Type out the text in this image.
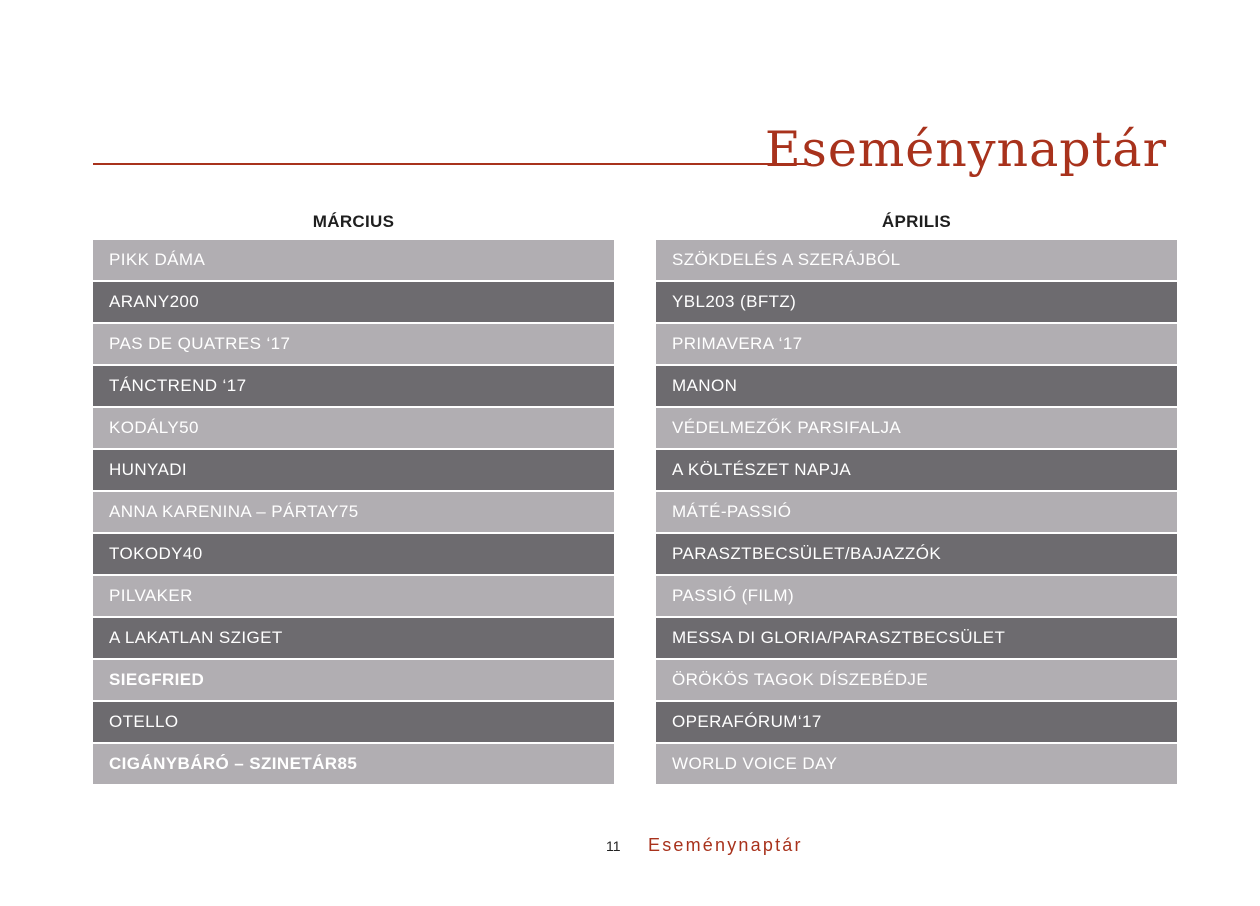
Eseménynaptár
MÁRCIUS
PIKK DÁMA
ARANY200
PAS DE QUATRES ‘17
TÁNCTREND ‘17
KODÁLY50
HUNYADI
ANNA KARENINA – PÁRTAY75
TOKODY40
PILVAKER
A LAKATLAN SZIGET
SIEGFRIED
OTELLO
CIGÁNYBÁRÓ – SZINETÁR85
ÁPRILIS
SZÖKDELÉS A SZERÁJBÓL
YBL203 (BFTZ)
PRIMAVERA ‘17
MANON
VÉDELMEZŐK PARSIFALJA
A KÖLTÉSZET NAPJA
MÁTÉ-PASSIÓ
PARASZTBECSÜLET/BAJAZZÓK
PASSIÓ (FILM)
MESSA DI GLORIA/PARASZTBECSÜLET
ÖRÖKÖS TAGOK DÍSZEBÉDJE
OPERAFÓRUM‘17
WORLD VOICE DAY
11 Eseménynaptár
